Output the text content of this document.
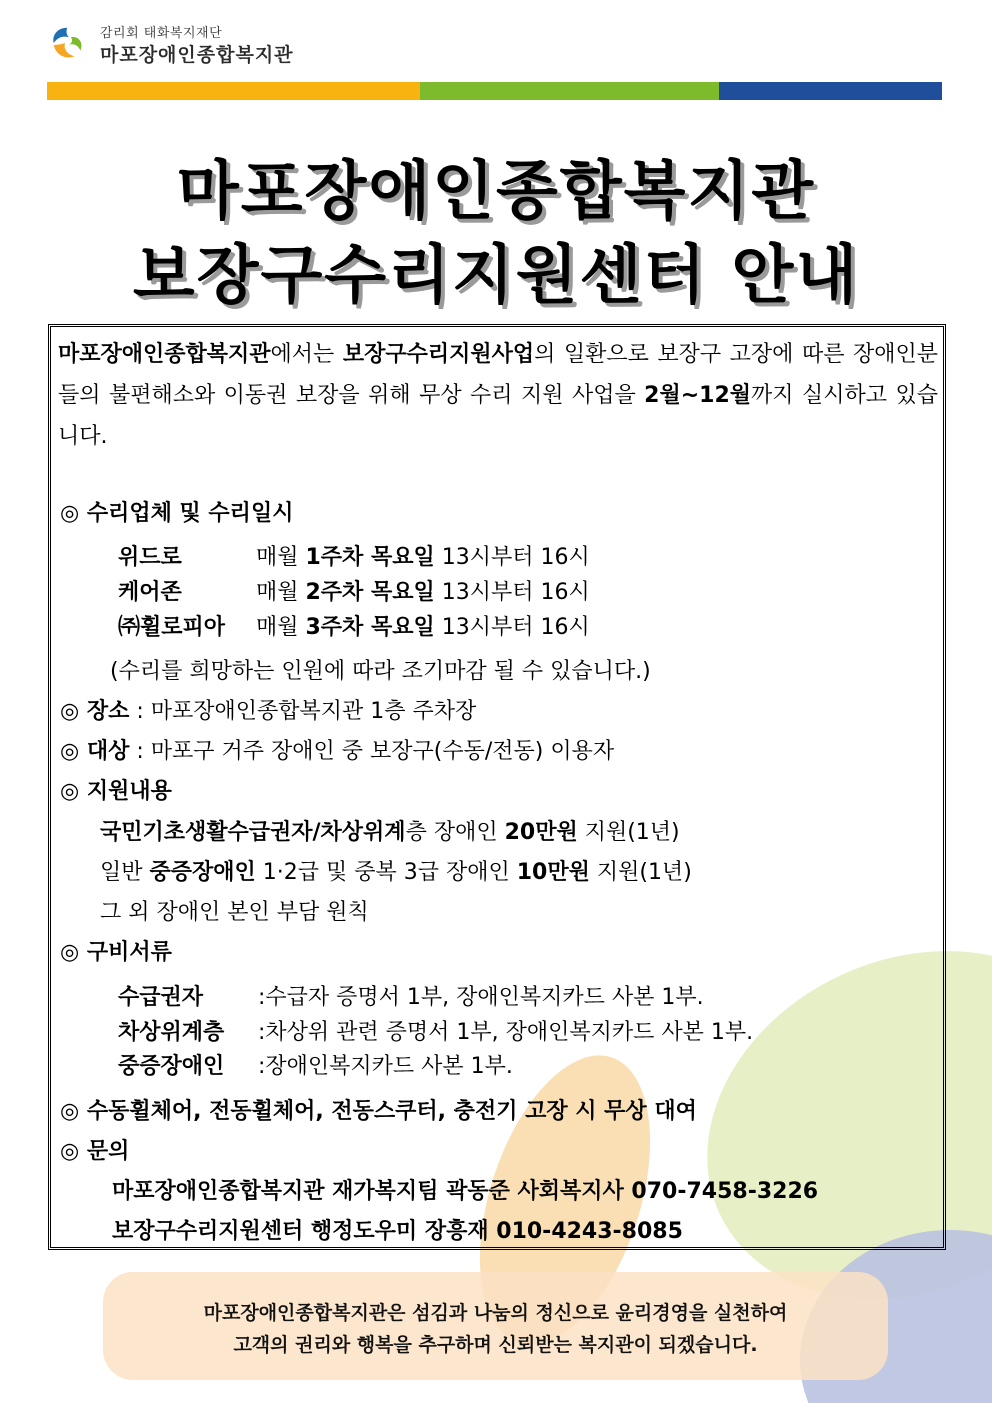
감리회 태화복지재단
마포장애인종합복지관
마포장애인종합복지관
보장구수리지원센터 안내
마포장애인종합복지관에서는 보장구수리지원사업의 일환으로 보장구 고장에 따른 장애인분들의 불편해소와 이동권 보장을 위해 무상 수리 지원 사업을 2월~12월까지 실시하고 있습니다.
◎ 수리업체 및 수리일시
위드로	매월 1주차 목요일 13시부터 16시
케어존	매월 2주차 목요일 13시부터 16시
㈜휠로피아 매월 3주차 목요일 13시부터 16시
(수리를 희망하는 인원에 따라 조기마감 될 수 있습니다.)
◎ 장소 : 마포장애인종합복지관 1층 주차장
◎ 대상 : 마포구 거주 장애인 중 보장구(수동/전동) 이용자
◎ 지원내용
국민기초생활수급권자/차상위계층 장애인 20만원 지원(1년)
일반 중증장애인 1·2급 및 중복 3급 장애인 10만원 지원(1년)
그 외 장애인 본인 부담 원칙
◎ 구비서류
수급권자 :수급자 증명서 1부, 장애인복지카드 사본 1부.
차상위계층 :차상위 관련 증명서 1부, 장애인복지카드 사본 1부.
중증장애인 :장애인복지카드 사본 1부.
◎ 수동휠체어, 전동휠체어, 전동스쿠터, 충전기 고장 시 무상 대여
◎ 문의
마포장애인종합복지관 재가복지팀 곽동준 사회복지사 070-7458-3226
보장구수리지원센터 행정도우미 장흥재 010-4243-8085
마포장애인종합복지관은 섬김과 나눔의 정신으로 윤리경영을 실천하여
고객의 권리와 행복을 추구하며 신뢰받는 복지관이 되겠습니다.
